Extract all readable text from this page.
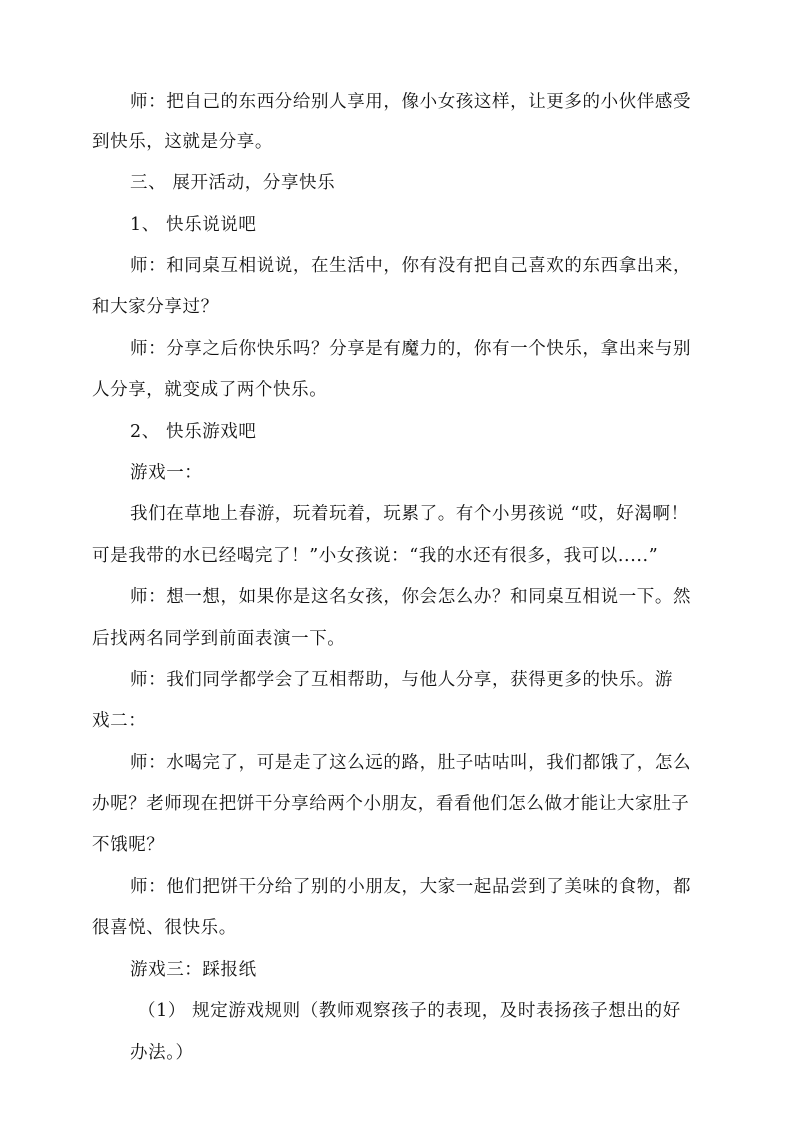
师：把自己的东西分给别人享用，像小女孩这样，让更多的小伙伴感受
到快乐，这就是分享。
三、 展开活动，分享快乐
1、 快乐说说吧
师：和同桌互相说说，在生活中，你有没有把自己喜欢的东西拿出来，
和大家分享过？
师：分享之后你快乐吗？分享是有魔力的，你有一个快乐，拿出来与别
人分享，就变成了两个快乐。
2、 快乐游戏吧
游戏一：
我们在草地上春游，玩着玩着，玩累了。有个小男孩说 “哎，好渴啊！
可是我带的水已经喝完了！”小女孩说：“我的水还有很多，我可以.....”
师：想一想，如果你是这名女孩，你会怎么办？和同桌互相说一下。然
后找两名同学到前面表演一下。
师：我们同学都学会了互相帮助，与他人分享，获得更多的快乐。游
戏二：
师：水喝完了，可是走了这么远的路，肚子咕咕叫，我们都饿了，怎么
办呢？老师现在把饼干分享给两个小朋友，看看他们怎么做才能让大家肚子
不饿呢？
师：他们把饼干分给了别的小朋友，大家一起品尝到了美味的食物，都
很喜悦、很快乐。
游戏三：踩报纸
（1） 规定游戏规则（教师观察孩子的表现，及时表扬孩子想出的好
办法。）
